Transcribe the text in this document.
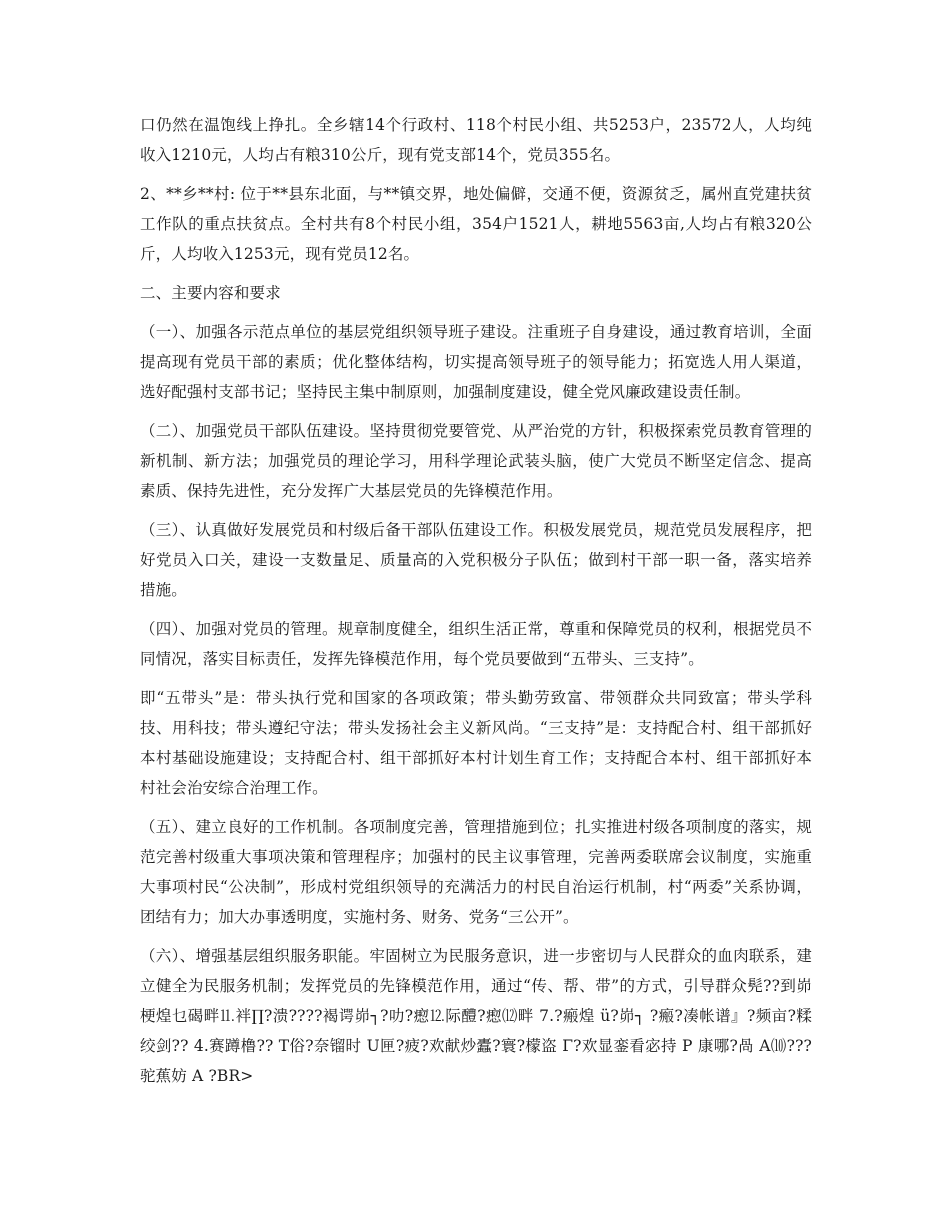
口仍然在温饱线上挣扎。全乡辖14个行政村、118个村民小组、共5253户，23572人，人均纯收入1210元，人均占有粮310公斤，现有党支部14个，党员355名。

2、**乡**村: 位于**县东北面，与**镇交界，地处偏僻，交通不便，资源贫乏，属州直党建扶贫工作队的重点扶贫点。全村共有8个村民小组，354户1521人，耕地5563亩,人均占有粮320公斤，人均收入1253元，现有党员12名。

二、主要内容和要求

（一）、加强各示范点单位的基层党组织领导班子建设。注重班子自身建设，通过教育培训，全面提高现有党员干部的素质；优化整体结构，切实提高领导班子的领导能力；拓宽选人用人渠道，选好配强村支部书记；坚持民主集中制原则，加强制度建设，健全党风廉政建设责任制。

（二）、加强党员干部队伍建设。坚持贯彻党要管党、从严治党的方针，积极探索党员教育管理的新机制、新方法；加强党员的理论学习，用科学理论武装头脑，使广大党员不断坚定信念、提高素质、保持先进性，充分发挥广大基层党员的先锋模范作用。

（三）、认真做好发展党员和村级后备干部队伍建设工作。积极发展党员，规范党员发展程序，把好党员入口关，建设一支数量足、质量高的入党积极分子队伍；做到村干部一职一备，落实培养措施。

（四）、加强对党员的管理。规章制度健全，组织生活正常，尊重和保障党员的权利，根据党员不同情况，落实目标责任，发挥先锋模范作用，每个党员要做到“五带头、三支持”。

即“五带头”是：带头执行党和国家的各项政策；带头勤劳致富、带领群众共同致富；带头学科技、用科技；带头遵纪守法；带头发扬社会主义新风尚。“三支持”是：支持配合村、组干部抓好本村基础设施建设；支持配合村、组干部抓好本村计划生育工作；支持配合本村、组干部抓好本村社会治安综合治理工作。

（五）、建立良好的工作机制。各项制度完善，管理措施到位；扎实推进村级各项制度的落实，规范完善村级重大事项决策和管理程序；加强村的民主议事管理，完善两委联席会议制度，实施重大事项村民“公决制”，形成村党组织领导的充满活力的村民自治运行机制，村“两委”关系协调，团结有力；加大办事透明度，实施村务、财务、党务“三公开”。

（六）、增强基层组织服务职能。牢固树立为民服务意识，进一步密切与人民群众的血肉联系，建立健全为民服务机制；发挥党员的先锋模范作用，通过“传、帮、带”的方式，引导群众髡??到峁梗煌乜碣畔⒒袢∏?溃????褐谔峁┐?叻?瘛⒓际醴?瘛⑿畔 7.?瘢煌 ü?峁┐ ?瘢?凑帐谱』?频亩?糅绞剑?? 4.赛蹲橹?? T俗?奈镏时 U匣?疲?欢献炒蠹?寰?檬盗 Γ?欢显銮看宓持 P 康哪?咼 A⑽???驼蕉妨 A ?BR>
